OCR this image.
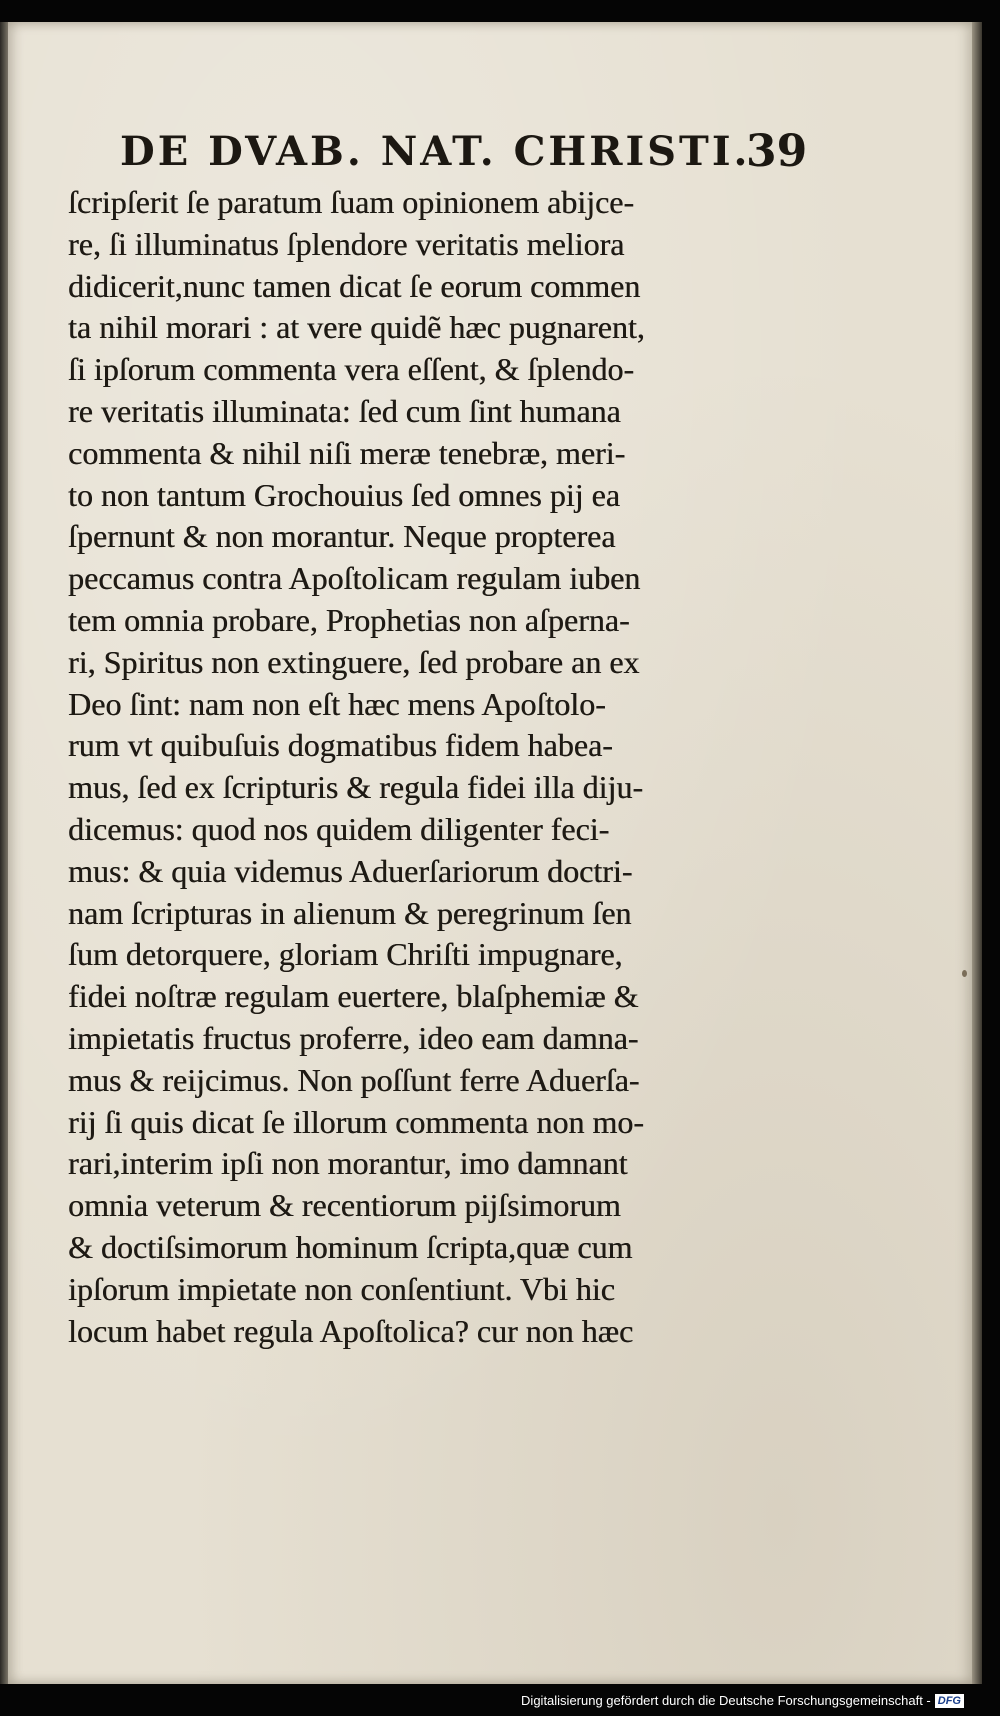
DE DVAB. NAT. CHRISTI.
39
ſcripſerit ſe paratum ſuam opinionem abijce-
re, ſi illuminatus ſplendore veritatis meliora
didicerit,nunc tamen dicat ſe eorum commen
ta nihil morari : at vere quidẽ hæc pugnarent,
ſi ipſorum commenta vera eſſent, & ſplendo-
re veritatis illuminata: ſed cum ſint humana
commenta & nihil niſi meræ tenebræ, meri-
to non tantum Grochouius ſed omnes pij ea
ſpernunt & non morantur. Neque propterea
peccamus contra Apoſtolicam regulam iuben
tem omnia probare, Prophetias non aſperna-
ri, Spiritus non extinguere, ſed probare an ex
Deo ſint: nam non eſt hæc mens Apoſtolo-
rum vt quibuſuis dogmatibus fidem habea-
mus, ſed ex ſcripturis & regula fidei illa diju-
dicemus: quod nos quidem diligenter feci-
mus: & quia videmus Aduerſariorum doctri-
nam ſcripturas in alienum & peregrinum ſen
ſum detorquere, gloriam Chriſti impugnare,
fidei noſtræ regulam euertere, blaſphemiæ &
impietatis fructus proferre, ideo eam damna-
mus & reijcimus. Non poſſunt ferre Aduerſa-
rij ſi quis dicat ſe illorum commenta non mo-
rari,interim ipſi non morantur, imo damnant
omnia veterum & recentiorum pijſsimorum
& doctiſsimorum hominum ſcripta,quæ cum
ipſorum impietate non conſentiunt. Vbi hic
locum habet regula Apoſtolica? cur non hæc
Digitalisierung gefördert durch die Deutsche Forschungsgemeinschaft - DFG
